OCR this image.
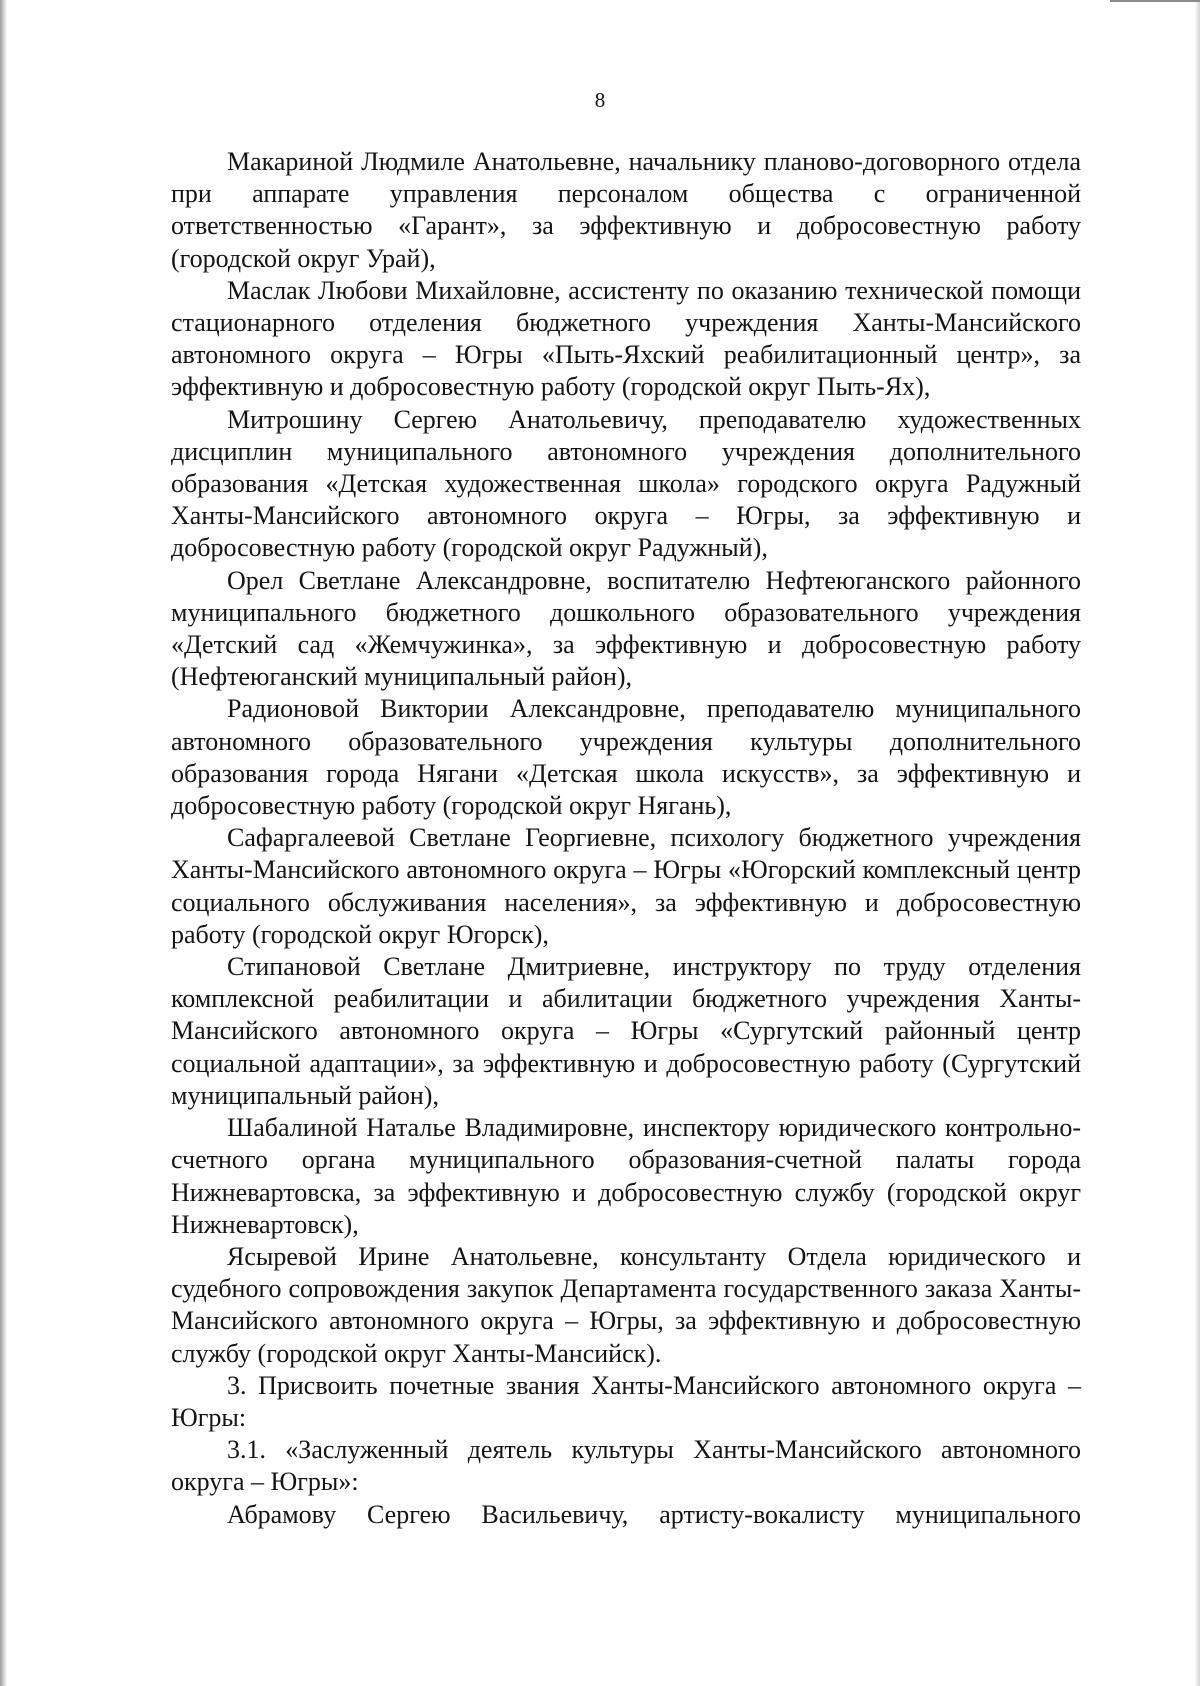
8

Макариной Людмиле Анатольевне, начальнику планово-договорного отдела при аппарате управления персоналом общества с ограниченной ответственностью «Гарант», за эффективную и добросовестную работу (городской округ Урай),

Маслак Любови Михайловне, ассистенту по оказанию технической помощи стационарного отделения бюджетного учреждения Ханты-Мансийского автономного округа – Югры «Пыть-Яхский реабилитационный центр», за эффективную и добросовестную работу (городской округ Пыть-Ях),

Митрошину Сергею Анатольевичу, преподавателю художественных дисциплин муниципального автономного учреждения дополнительного образования «Детская художественная школа» городского округа Радужный Ханты-Мансийского автономного округа – Югры, за эффективную и добросовестную работу (городской округ Радужный),

Орел Светлане Александровне, воспитателю Нефтеюганского районного муниципального бюджетного дошкольного образовательного учреждения «Детский сад «Жемчужинка», за эффективную и добросовестную работу (Нефтеюганский муниципальный район),

Радионовой Виктории Александровне, преподавателю муниципального автономного образовательного учреждения культуры дополнительного образования города Нягани «Детская школа искусств», за эффективную и добросовестную работу (городской округ Нягань),

Сафаргалеевой Светлане Георгиевне, психологу бюджетного учреждения Ханты-Мансийского автономного округа – Югры «Югорский комплексный центр социального обслуживания населения», за эффективную и добросовестную работу (городской округ Югорск),

Стипановой Светлане Дмитриевне, инструктору по труду отделения комплексной реабилитации и абилитации бюджетного учреждения Ханты-Мансийского автономного округа – Югры «Сургутский районный центр социальной адаптации», за эффективную и добросовестную работу (Сургутский муниципальный район),

Шабалиной Наталье Владимировне, инспектору юридического контрольно-счетного органа муниципального образования-счетной палаты города Нижневартовска, за эффективную и добросовестную службу (городской округ Нижневартовск),

Ясыревой Ирине Анатольевне, консультанту Отдела юридического и судебного сопровождения закупок Департамента государственного заказа Ханты-Мансийского автономного округа – Югры, за эффективную и добросовестную службу (городской округ Ханты-Мансийск).

3. Присвоить почетные звания Ханты-Мансийского автономного округа – Югры:

3.1. «Заслуженный деятель культуры Ханты-Мансийского автономного округа – Югры»:

Абрамову Сергею Васильевичу, артисту-вокалисту муниципального
